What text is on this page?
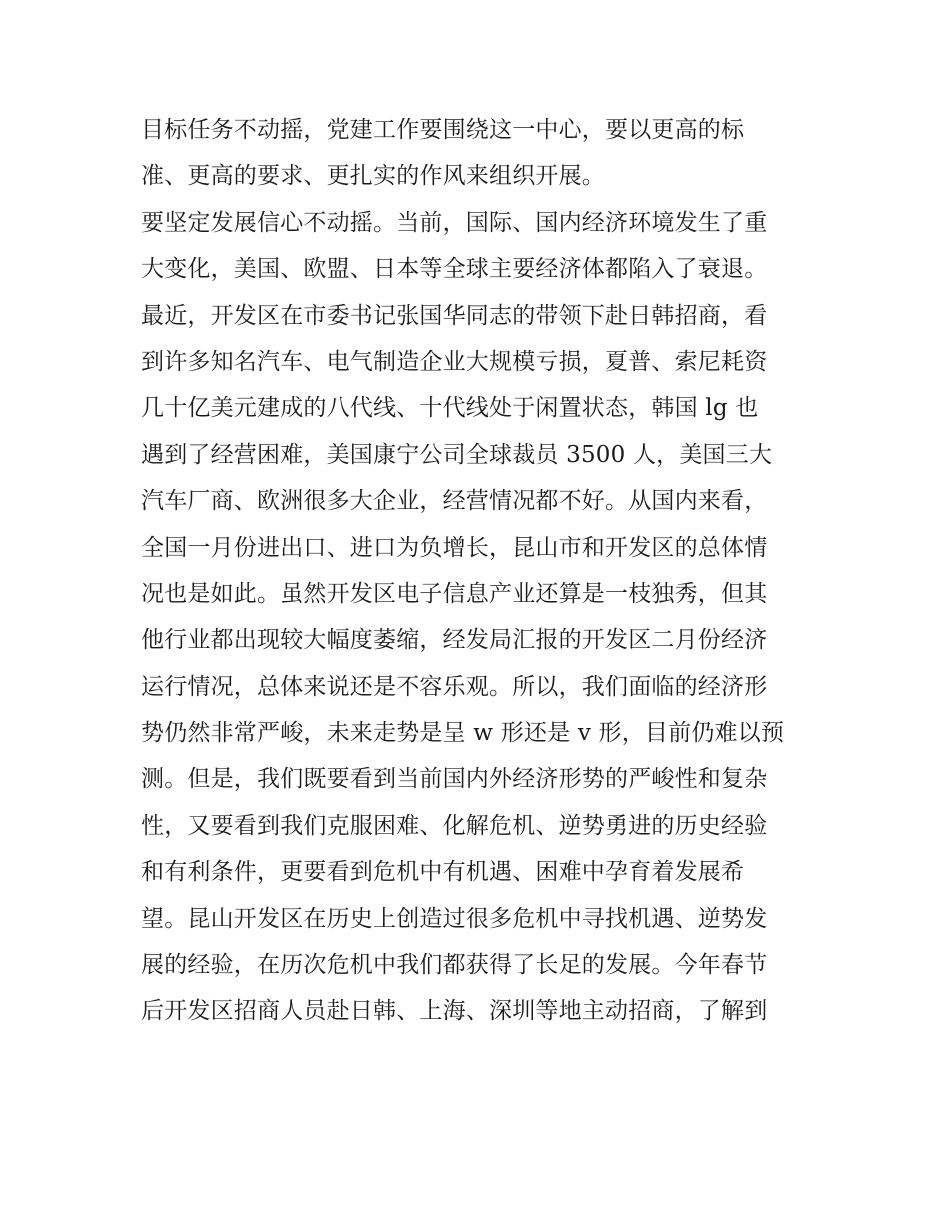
目标任务不动摇，党建工作要围绕这一中心，要以更高的标
准、更高的要求、更扎实的作风来组织开展。
要坚定发展信心不动摇。当前，国际、国内经济环境发生了重
大变化，美国、欧盟、日本等全球主要经济体都陷入了衰退。
最近，开发区在市委书记张国华同志的带领下赴日韩招商，看
到许多知名汽车、电气制造企业大规模亏损，夏普、索尼耗资
几十亿美元建成的八代线、十代线处于闲置状态，韩国 lg 也
遇到了经营困难，美国康宁公司全球裁员 3500 人，美国三大
汽车厂商、欧洲很多大企业，经营情况都不好。从国内来看，
全国一月份进出口、进口为负增长，昆山市和开发区的总体情
况也是如此。虽然开发区电子信息产业还算是一枝独秀，但其
他行业都出现较大幅度萎缩，经发局汇报的开发区二月份经济
运行情况，总体来说还是不容乐观。所以，我们面临的经济形
势仍然非常严峻，未来走势是呈 w 形还是 v 形，目前仍难以预
测。但是，我们既要看到当前国内外经济形势的严峻性和复杂
性，又要看到我们克服困难、化解危机、逆势勇进的历史经验
和有利条件，更要看到危机中有机遇、困难中孕育着发展希
望。昆山开发区在历史上创造过很多危机中寻找机遇、逆势发
展的经验，在历次危机中我们都获得了长足的发展。今年春节
后开发区招商人员赴日韩、上海、深圳等地主动招商，了解到
